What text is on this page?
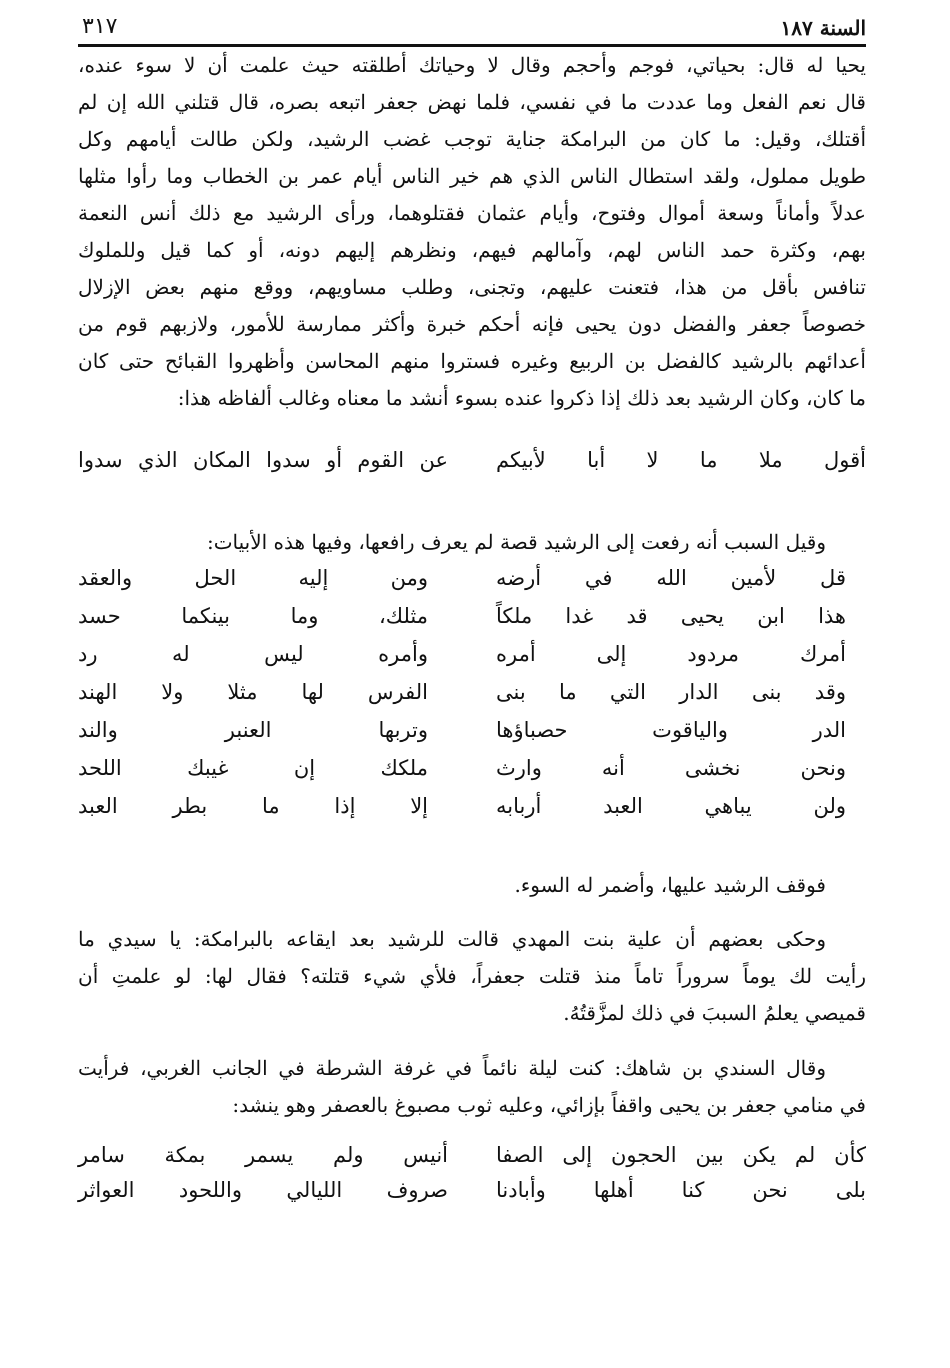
السنة ١٨٧
٣١٧
يحيا له قال: بحياتي، فوجم وأحجم وقال لا وحياتك أطلقته حيث علمت أن لا سوء عنده،
قال نعم الفعل وما عددت ما في نفسي، فلما نهض جعفر اتبعه بصره، قال قتلني الله إن لم
أقتلك، وقيل: ما كان من البرامكة جناية توجب غضب الرشيد، ولكن طالت أيامهم وكل
طويل مملول، ولقد استطال الناس الذي هم خير الناس أيام عمر بن الخطاب وما رأوا مثلها
عدلاً وأماناً وسعة أموال وفتوح، وأيام عثمان فقتلوهما، ورأى الرشيد مع ذلك أنس النعمة
بهم، وكثرة حمد الناس لهم، وآمالهم فيهم، ونظرهم إليهم دونه، أو كما قيل وللملوك
تنافس بأقل من هذا، فتعنت عليهم، وتجنى، وطلب مساويهم، ووقع منهم بعض الإزلال
خصوصاً جعفر والفضل دون يحيى فإنه أحكم خبرة وأكثر ممارسة للأمور، ولازبهم قوم من
أعدائهم بالرشيد كالفضل بن الربيع وغيره فستروا منهم المحاسن وأظهروا القبائح حتى كان
ما كان، وكان الرشيد بعد ذلك إذا ذكروا عنده بسوء أنشد ما معناه وغالب ألفاظه هذا:
أقول ملا ما لا أبا لأبيكم
عن القوم أو سدوا المكان الذي سدوا
وقيل السبب أنه رفعت إلى الرشيد قصة لم يعرف رافعها، وفيها هذه الأبيات:
قل لأمين الله في أرضه
ومن إليه الحل والعقد
هذا ابن يحيى قد غدا ملكاً
مثلك، وما بينكما حسد
أمرك مردود إلى أمره
وأمره ليس له رد
وقد بنى الدار التي ما بنى
الفرس لها مثلا ولا الهند
الدر والياقوت حصباؤها
وتربها العنبر والند
ونحن نخشى أنه وارث
ملكك إن غيبك اللحد
ولن يباهي العبد أربابه
إلا إذا ما بطر العبد
فوقف الرشيد عليها، وأضمر له السوء.
وحكى بعضهم أن علية بنت المهدي قالت للرشيد بعد ايقاعه بالبرامكة: يا سيدي ما
رأيت لك يوماً سروراً تاماً منذ قتلت جعفراً، فلأي شيء قتلته؟ فقال لها: لو علمتِ أن
قميصي يعلمُ السببَ في ذلك لمزَّقتُهُ.
وقال السندي بن شاهك: كنت ليلة نائماً في غرفة الشرطة في الجانب الغربي، فرأيت
في منامي جعفر بن يحيى واقفاً بإزائي، وعليه ثوب مصبوغ بالعصفر وهو ينشد:
كأن لم يكن بين الحجون إلى الصفا
أنيس ولم يسمر بمكة سامر
بلى نحن كنا أهلها وأبادنا
صروف الليالي واللحود العواثر
